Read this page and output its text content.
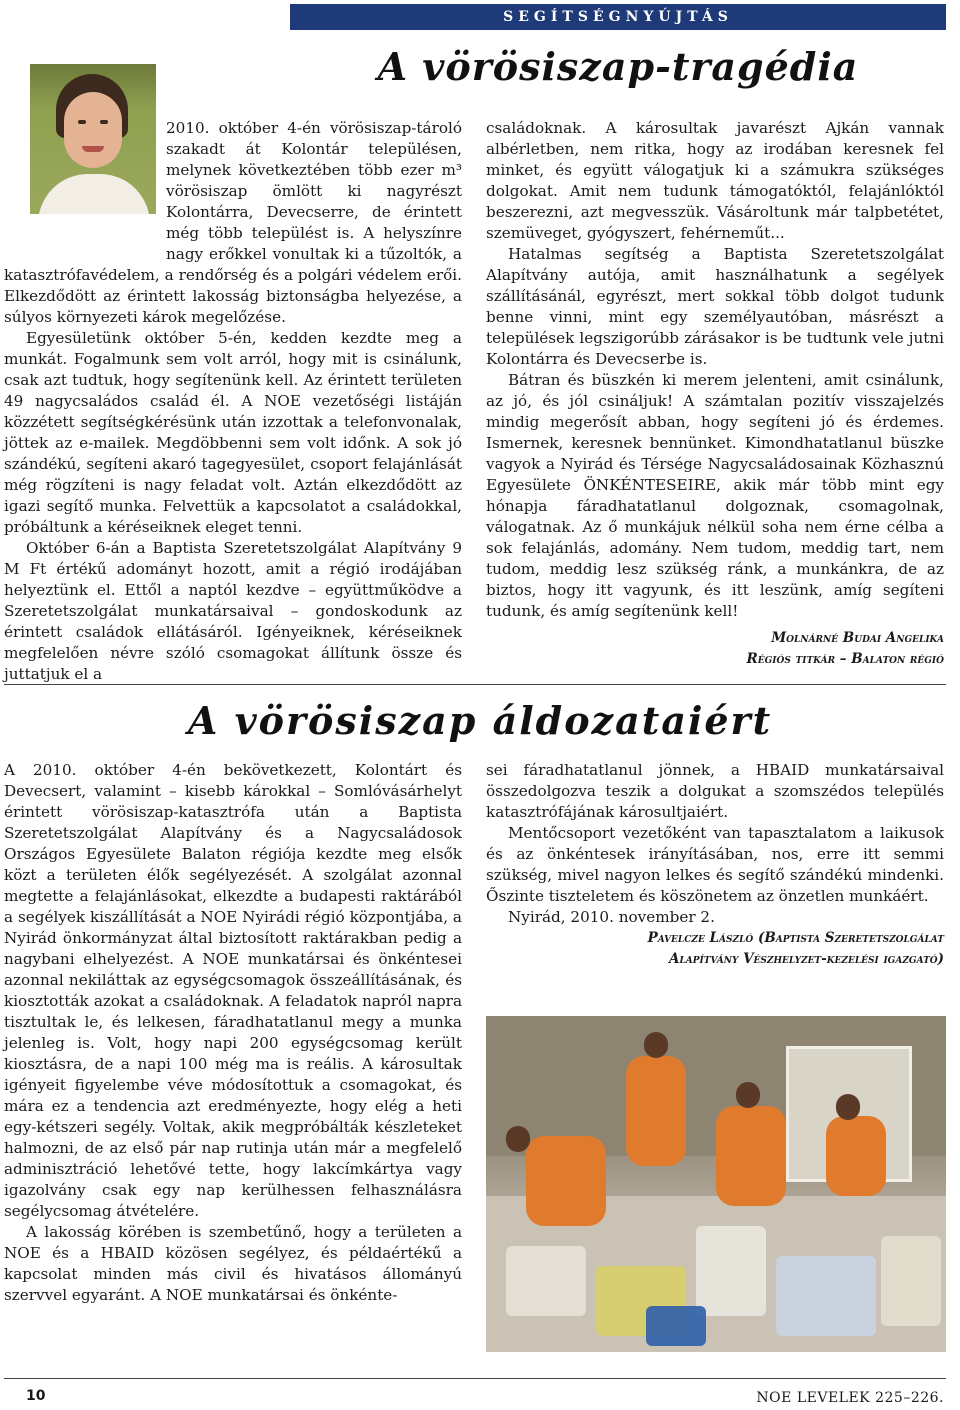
SEGÍTSÉGNYÚJTÁS
A vörösiszap-tragédia

2010. október 4-én vörösiszap-tároló szakadt át Kolontár településen, melynek következtében több ezer m³ vörösiszap ömlött ki nagyrészt Kolontárra, Devecserre, de érintett még több települést is. A helyszínre nagy erőkkel vonultak ki a tűzoltók, a katasztrófavédelem, a rendőrség és a polgári védelem erői. Elkezdődött az érintett lakosság biztonságba helyezése, a súlyos környezeti károk megelőzése.

Egyesületünk október 5-én, kedden kezdte meg a munkát. Fogalmunk sem volt arról, hogy mit is csinálunk, csak azt tudtuk, hogy segítenünk kell. Az érintett területen 49 nagycsaládos család él. A NOE vezetőségi listáján közzétett segítségkérésünk után izzottak a telefonvonalak, jöttek az e-mailek. Megdöbbenni sem volt időnk. A sok jó szándékú, segíteni akaró tagegyesület, csoport felajánlását még rögzíteni is nagy feladat volt. Aztán elkezdődött az igazi segítő munka. Felvettük a kapcsolatot a családokkal, próbáltunk a kéréseiknek eleget tenni.

Október 6-án a Baptista Szeretetszolgálat Alapítvány 9 M Ft értékű adományt hozott, amit a régió irodájában helyeztünk el. Ettől a naptól kezdve – együttműködve a Szeretetszolgálat munkatársaival – gondoskodunk az érintett családok ellátásáról. Igényeiknek, kéréseiknek megfelelően névre szóló csomagokat állítunk össze és juttatjuk el a

családoknak. A károsultak javarészt Ajkán vannak albérletben, nem ritka, hogy az irodában keresnek fel minket, és együtt válogatjuk ki a számukra szükséges dolgokat. Amit nem tudunk támogatóktól, felajánlóktól beszerezni, azt megvesszük. Vásároltunk már talpbetétet, szemüveget, gyógyszert, fehérneműt...

Hatalmas segítség a Baptista Szeretetszolgálat Alapítvány autója, amit használhatunk a segélyek szállításánál, egyrészt, mert sokkal több dolgot tudunk benne vinni, mint egy személyautóban, másrészt a települések legszigorúbb zárásakor is be tudtunk vele jutni Kolontárra és Devecserbe is.

Bátran és büszkén ki merem jelenteni, amit csinálunk, az jó, és jól csináljuk! A számtalan pozitív visszajelzés mindig megerősít abban, hogy segíteni jó és érdemes. Ismernek, keresnek bennünket. Kimondhatatlanul büszke vagyok a Nyirád és Térsége Nagycsaládosainak Közhasznú Egyesülete ÖNKÉNTESEIRE, akik már több mint egy hónapja fáradhatatlanul dolgoznak, csomagolnak, válogatnak. Az ő munkájuk nélkül soha nem érne célba a sok felajánlás, adomány. Nem tudom, meddig tart, nem tudom, meddig lesz szükség ránk, a munkánkra, de az biztos, hogy itt vagyunk, és itt leszünk, amíg segíteni tudunk, és amíg segítenünk kell!

Molnárné Budai Angelika
Régiós titkár – Balaton régió
A vörösiszap áldozataiért

A 2010. október 4-én bekövetkezett, Kolontárt és Devecsert, valamint – kisebb károkkal – Somlóvásárhelyt érintett vörösiszap-katasztrófa után a Baptista Szeretetszolgálat Alapítvány és a Nagycsaládosok Országos Egyesülete Balaton régiója kezdte meg elsők közt a területen élők segélyezését. A szolgálat azonnal megtette a felajánlásokat, elkezdte a budapesti raktárából a segélyek kiszállítását a NOE Nyirádi régió központjába, a Nyirád önkormányzat által biztosított raktárakban pedig a nagybani elhelyezést. A NOE munkatársai és önkéntesei azonnal nekiláttak az egységcsomagok összeállításának, és kiosztották azokat a családoknak. A feladatok napról napra tisztultak le, és lelkesen, fáradhatatlanul megy a munka jelenleg is. Volt, hogy napi 200 egységcsomag került kiosztásra, de a napi 100 még ma is reális. A károsultak igényeit figyelembe véve módosítottuk a csomagokat, és mára ez a tendencia azt eredményezte, hogy elég a heti egy-kétszeri segély. Voltak, akik megpróbálták készleteket halmozni, de az első pár nap rutinja után már a megfelelő adminisztráció lehetővé tette, hogy lakcímkártya vagy igazolvány csak egy nap kerülhessen felhasználásra segélycsomag átvételére.

A lakosság körében is szembetűnő, hogy a területen a NOE és a HBAID közösen segélyez, és példaértékű a kapcsolat minden más civil és hivatásos állományú szervvel egyaránt. A NOE munkatársai és önkénte-

sei fáradhatatlanul jönnek, a HBAID munkatársaival összedolgozva teszik a dolgukat a szomszédos település katasztrófájának károsultjaiért.

Mentőcsoport vezetőként van tapasztalatom a laikusok és az önkéntesek irányításában, nos, erre itt semmi szükség, mivel nagyon lelkes és segítő szándékú mindenki. Őszinte tiszteletem és köszönetem az önzetlen munkáért.

Nyirád, 2010. november 2.

Pavelcze László (Baptista Szeretetszolgálat
Alapítvány Vészhelyzet-kezelési igazgató)
10	NOE LEVELEK 225–226.
